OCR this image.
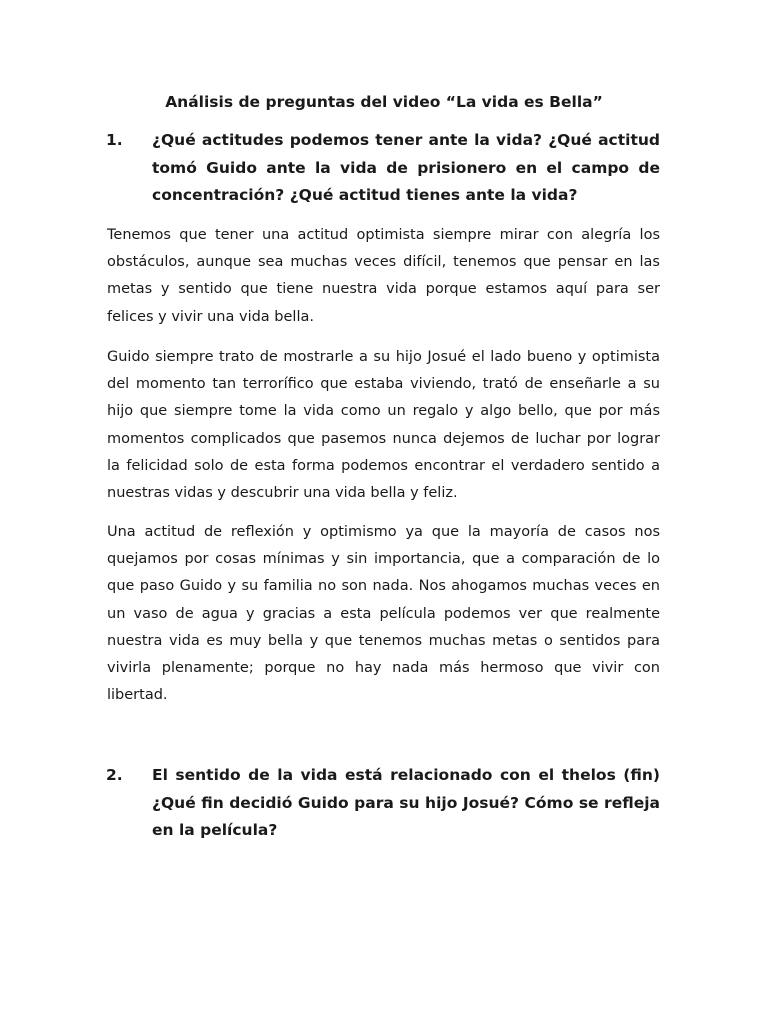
Análisis de preguntas del video “La vida es Bella”
1.	¿Qué actitudes podemos tener ante la vida? ¿Qué actitud tomó Guido ante la vida de prisionero en el campo de concentración? ¿Qué actitud tienes ante la vida?

Tenemos que tener una actitud optimista siempre mirar con alegría los obstáculos, aunque sea muchas veces difícil, tenemos que pensar en las metas y sentido que tiene nuestra vida porque estamos aquí para ser felices y vivir una vida bella.

Guido siempre trato de mostrarle a su hijo Josué el lado bueno y optimista del momento tan terrorífico que estaba viviendo, trató de enseñarle a su hijo que siempre tome la vida como un regalo y algo bello, que por más momentos complicados que pasemos nunca dejemos de luchar por lograr la felicidad solo de esta forma podemos encontrar el verdadero sentido a nuestras vidas y descubrir una vida bella y feliz.

Una actitud de reflexión y optimismo ya que la mayoría de casos nos quejamos por cosas mínimas y sin importancia, que a comparación de lo que paso Guido y su familia no son nada. Nos ahogamos muchas veces en un vaso de agua y gracias a esta película podemos ver que realmente nuestra vida es muy bella y que tenemos muchas metas o sentidos para vivirla plenamente; porque no hay nada más hermoso que vivir con libertad.

2.	El sentido de la vida está relacionado con el thelos (fin) ¿Qué fin decidió Guido para su hijo Josué? Cómo se refleja en la película?
